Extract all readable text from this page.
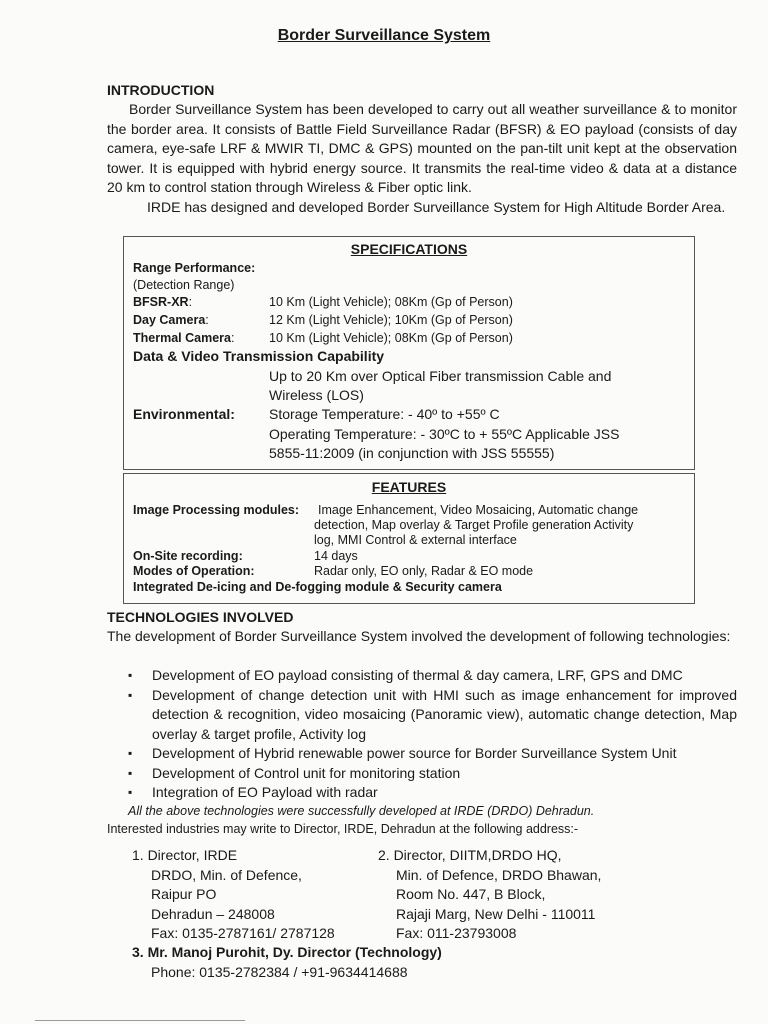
Border Surveillance System
INTRODUCTION
Border Surveillance System has been developed to carry out all weather surveillance & to monitor the border area. It consists of Battle Field Surveillance Radar (BFSR) & EO payload (consists of day camera, eye-safe LRF & MWIR TI, DMC & GPS) mounted on the pan-tilt unit kept at the observation tower. It is equipped with hybrid energy source. It transmits the real-time video & data at a distance 20 km to control station through Wireless & Fiber optic link.
IRDE has designed and developed Border Surveillance System for High Altitude Border Area.
SPECIFICATIONS
Range Performance:
(Detection Range)
BFSR-XR:	10 Km (Light Vehicle); 08Km (Gp of Person)
Day Camera:	12 Km (Light Vehicle); 10Km (Gp of Person)
Thermal Camera:	10 Km (Light Vehicle); 08Km (Gp of Person)
Data & Video Transmission Capability
Up to 20 Km over Optical Fiber transmission Cable and
Wireless (LOS)
Environmental: Storage Temperature: - 40º to +55º C
Operating Temperature: - 30ºC to + 55ºC Applicable JSS
5855-11:2009 (in conjunction with JSS 55555)
FEATURES
Image Processing modules: Image Enhancement, Video Mosaicing, Automatic change
detection, Map overlay & Target Profile generation Activity
log, MMI Control & external interface
On-Site recording:	14 days
Modes of Operation:	Radar only, EO only, Radar & EO mode
Integrated De-icing and De-fogging module & Security camera
TECHNOLOGIES INVOLVED
The development of Border Surveillance System involved the development of following technologies:
▪ Development of EO payload consisting of thermal & day camera, LRF, GPS and DMC
▪ Development of change detection unit with HMI such as image enhancement for improved detection & recognition, video mosaicing (Panoramic view), automatic change detection, Map overlay & target profile, Activity log
▪ Development of Hybrid renewable power source for Border Surveillance System Unit
▪ Development of Control unit for monitoring station
▪ Integration of EO Payload with radar
All the above technologies were successfully developed at IRDE (DRDO) Dehradun.
Interested industries may write to Director, IRDE, Dehradun at the following address:-
1. Director, IRDE
DRDO, Min. of Defence,
Raipur PO
Dehradun – 248008
Fax: 0135-2787161/ 2787128
2. Director, DIITM,DRDO HQ,
Min. of Defence, DRDO Bhawan,
Room No. 447, B Block,
Rajaji Marg, New Delhi - 110011
Fax: 011-23793008
3. Mr. Manoj Purohit, Dy. Director (Technology)
Phone: 0135-2782384 / +91-9634414688
